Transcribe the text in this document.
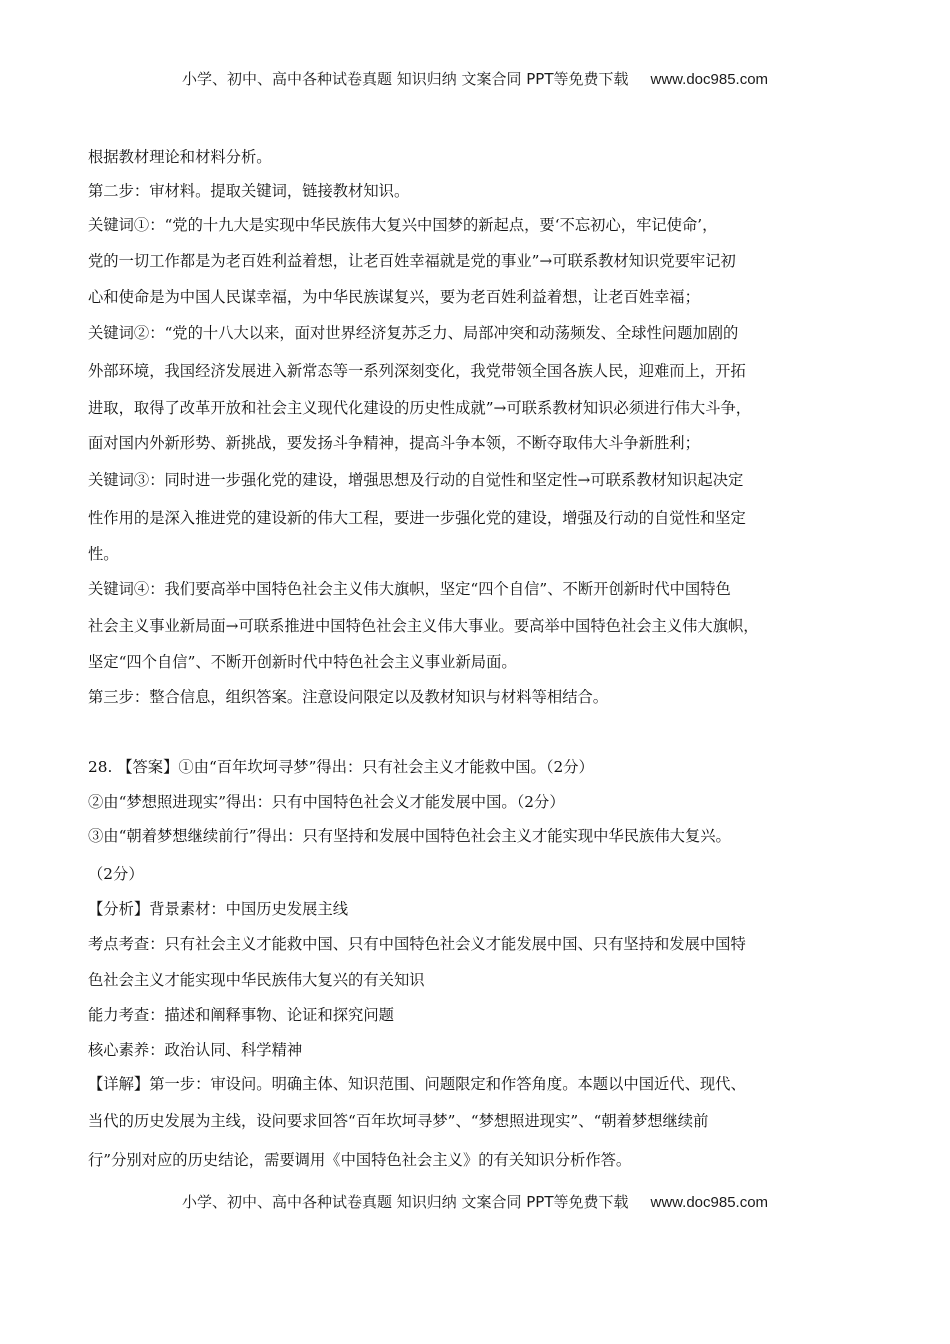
小学、初中、高中各种试卷真题 知识归纳 文案合同 PPT等免费下载 www.doc985.com
根据教材理论和材料分析。
第二步：审材料。提取关键词，链接教材知识。
关键词①：“党的十九大是实现中华民族伟大复兴中国梦的新起点，要‘不忘初心，牢记使命’，
党的一切工作都是为老百姓利益着想，让老百姓幸福就是党的事业”→可联系教材知识党要牢记初
心和使命是为中国人民谋幸福，为中华民族谋复兴，要为老百姓利益着想，让老百姓幸福；
关键词②：“党的十八大以来，面对世界经济复苏乏力、局部冲突和动荡频发、全球性问题加剧的
外部环境，我国经济发展进入新常态等一系列深刻变化，我党带领全国各族人民，迎难而上，开拓
进取，取得了改革开放和社会主义现代化建设的历史性成就”→可联系教材知识必须进行伟大斗争，
面对国内外新形势、新挑战，要发扬斗争精神，提高斗争本领，不断夺取伟大斗争新胜利；
关键词③：同时进一步强化党的建设，增强思想及行动的自觉性和坚定性→可联系教材知识起决定
性作用的是深入推进党的建设新的伟大工程，要进一步强化党的建设，增强及行动的自觉性和坚定
性。
关键词④：我们要高举中国特色社会主义伟大旗帜，坚定“四个自信”、不断开创新时代中国特色
社会主义事业新局面→可联系推进中国特色社会主义伟大事业。要高举中国特色社会主义伟大旗帜，
坚定“四个自信”、不断开创新时代中特色社会主义事业新局面。
第三步：整合信息，组织答案。注意设问限定以及教材知识与材料等相结合。
28. 【答案】①由“百年坎坷寻梦”得出：只有社会主义才能救中国。（2分）
②由“梦想照进现实”得出：只有中国特色社会义才能发展中国。（2分）
③由“朝着梦想继续前行”得出：只有坚持和发展中国特色社会主义才能实现中华民族伟大复兴。
（2分）
【分析】背景素材：中国历史发展主线
考点考查：只有社会主义才能救中国、只有中国特色社会义才能发展中国、只有坚持和发展中国特
色社会主义才能实现中华民族伟大复兴的有关知识
能力考查：描述和阐释事物、论证和探究问题
核心素养：政治认同、科学精神
【详解】第一步：审设问。明确主体、知识范围、问题限定和作答角度。本题以中国近代、现代、
当代的历史发展为主线，设问要求回答“百年坎坷寻梦”、“梦想照进现实”、“朝着梦想继续前
行”分别对应的历史结论，需要调用《中国特色社会主义》的有关知识分析作答。
小学、初中、高中各种试卷真题 知识归纳 文案合同 PPT等免费下载 www.doc985.com
